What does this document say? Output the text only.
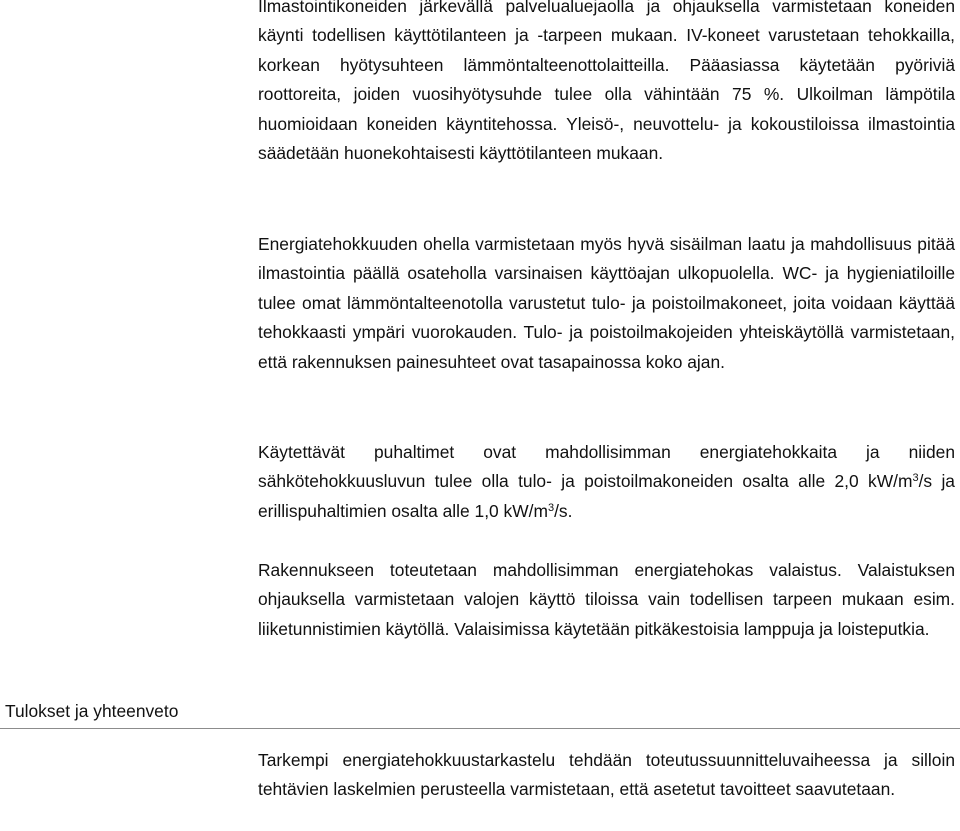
Ilmastointikoneiden järkevällä palvelualuejaolla ja ohjauksella varmistetaan koneiden käynti todellisen käyttötilanteen ja -tarpeen mukaan. IV-koneet varustetaan tehokkailla, korkean hyötysuhteen lämmöntalteenottolaitteilla. Pääasiassa käytetään pyöriviä roottoreita, joiden vuosihyötysuhde tulee olla vähintään 75 %. Ulkoilman lämpötila huomioidaan koneiden käyntitehossa. Yleisö-, neuvottelu- ja kokoustiloissa ilmastointia säädetään huonekohtaisesti käyttötilanteen mukaan.

Energiatehokkuuden ohella varmistetaan myös hyvä sisäilman laatu ja mahdollisuus pitää ilmastointia päällä osateholla varsinaisen käyttöajan ulkopuolella. WC- ja hygieniatiloille tulee omat lämmöntalteenotolla varustetut tulo- ja poistoilmakoneet, joita voidaan käyttää tehokkaasti ympäri vuorokauden. Tulo- ja poistoilmakojeiden yhteiskäytöllä varmistetaan, että rakennuksen painesuhteet ovat tasapainossa koko ajan.

Käytettävät puhaltimet ovat mahdollisimman energiatehokkaita ja niiden sähkötehokkuusluvun tulee olla tulo- ja poistoilmakoneiden osalta alle 2,0 $kW/m^3/s$ ja erillispuhaltimien osalta alle 1,0 $kW/m^3/s$.

Rakennukseen toteutetaan mahdollisimman energiatehokas valaistus. Valaistuksen ohjauksella varmistetaan valojen käyttö tiloissa vain todellisen tarpeen mukaan esim. liiketunnistimien käytöllä. Valaisimissa käytetään pitkäkestoisia lamppuja ja loisteputkia.

Tulokset ja yhteenveto

Tarkempi energiatehokkuustarkastelu tehdään toteutussuunnitteluvaiheessa ja silloin tehtävien laskelmien perusteella varmistetaan, että asetetut tavoitteet saavutetaan.
